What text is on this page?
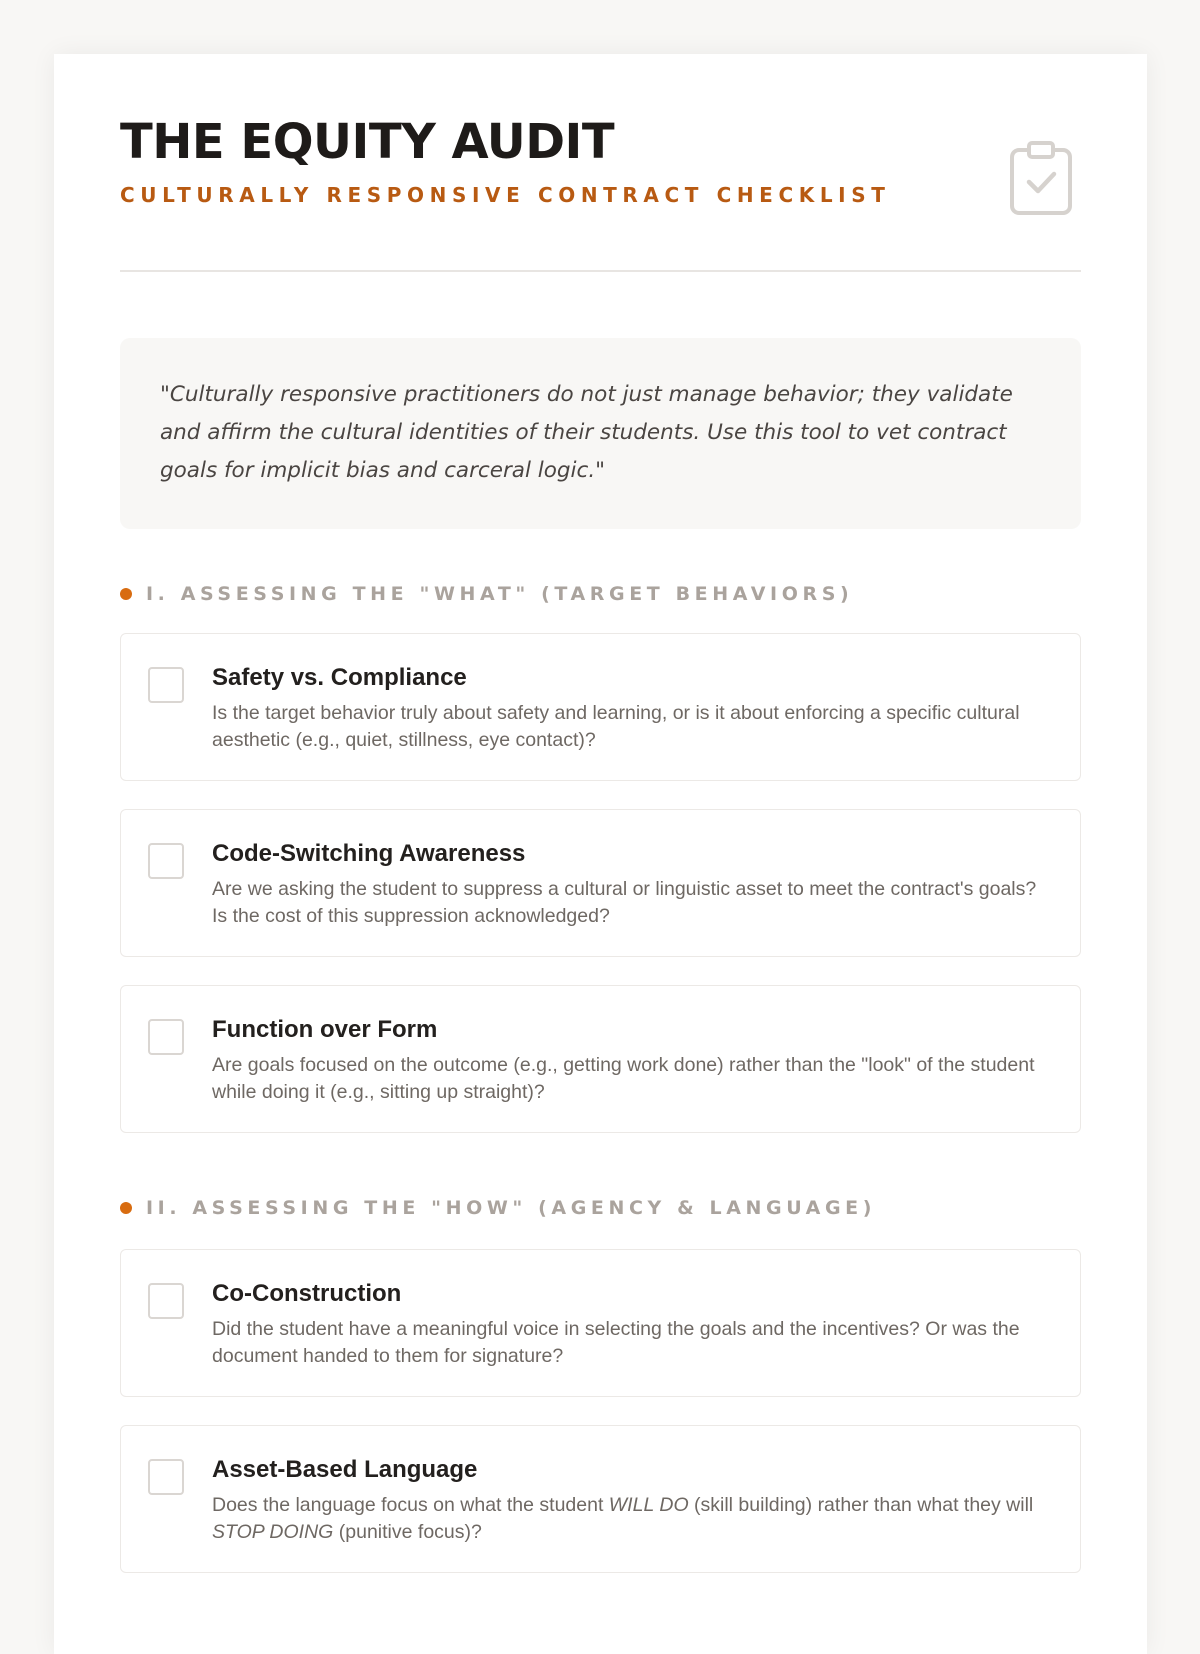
THE EQUITY AUDIT
CULTURALLY RESPONSIVE CONTRACT CHECKLIST

"Culturally responsive practitioners do not just manage behavior; they validate and affirm the cultural identities of their students. Use this tool to vet contract goals for implicit bias and carceral logic."

I. ASSESSING THE "WHAT" (TARGET BEHAVIORS)
Safety vs. Compliance
Is the target behavior truly about safety and learning, or is it about enforcing a specific cultural aesthetic (e.g., quiet, stillness, eye contact)?
Code-Switching Awareness
Are we asking the student to suppress a cultural or linguistic asset to meet the contract's goals? Is the cost of this suppression acknowledged?
Function over Form
Are goals focused on the outcome (e.g., getting work done) rather than the "look" of the student while doing it (e.g., sitting up straight)?
II. ASSESSING THE "HOW" (AGENCY & LANGUAGE)
Co-Construction
Did the student have a meaningful voice in selecting the goals and the incentives? Or was the document handed to them for signature?
Asset-Based Language
Does the language focus on what the student WILL DO (skill building) rather than what they will STOP DOING (punitive focus)?
